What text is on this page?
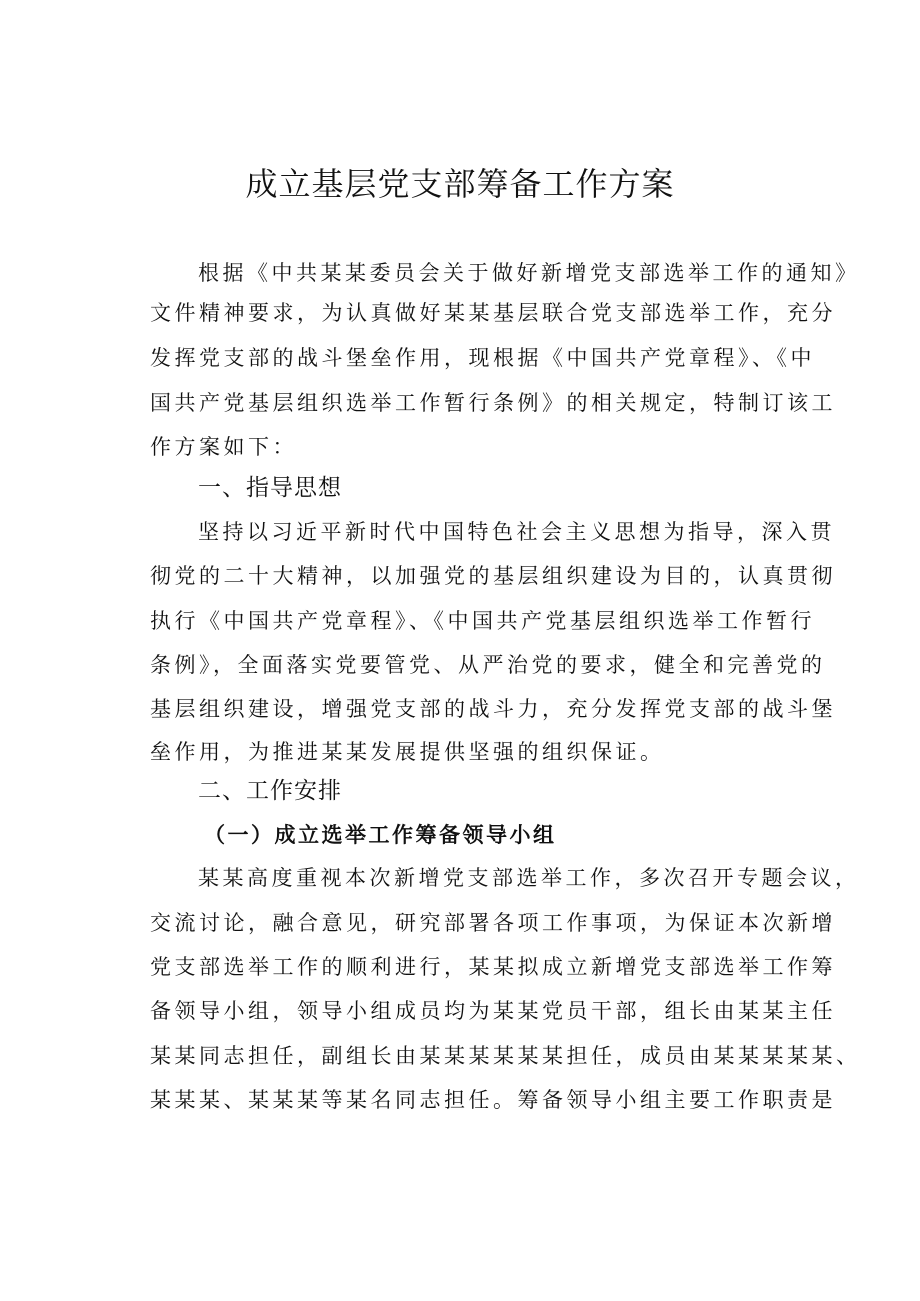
成立基层党支部筹备工作方案
根据《中共某某委员会关于做好新增党支部选举工作的通知》
文件精神要求，为认真做好某某基层联合党支部选举工作，充分
发挥党支部的战斗堡垒作用，现根据《中国共产党章程》、《中
国共产党基层组织选举工作暂行条例》的相关规定，特制订该工
作方案如下：
一、指导思想
坚持以习近平新时代中国特色社会主义思想为指导，深入贯
彻党的二十大精神，以加强党的基层组织建设为目的，认真贯彻
执行《中国共产党章程》、《中国共产党基层组织选举工作暂行
条例》，全面落实党要管党、从严治党的要求，健全和完善党的
基层组织建设，增强党支部的战斗力，充分发挥党支部的战斗堡
垒作用，为推进某某发展提供坚强的组织保证。
二、工作安排
（一）成立选举工作筹备领导小组
某某高度重视本次新增党支部选举工作，多次召开专题会议，
交流讨论，融合意见，研究部署各项工作事项，为保证本次新增
党支部选举工作的顺利进行，某某拟成立新增党支部选举工作筹
备领导小组，领导小组成员均为某某党员干部，组长由某某主任
某某同志担任，副组长由某某某某某某担任，成员由某某某某某、
某某某、某某某等某名同志担任。筹备领导小组主要工作职责是
